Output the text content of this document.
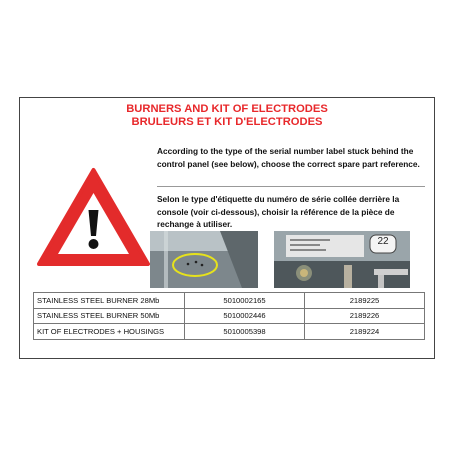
BURNERS AND KIT OF ELECTRODES
BRULEURS ET KIT D'ELECTRODES
According to the type of the serial number label stuck behind the control panel (see below), choose the correct spare part reference.
Selon le type d'étiquette du numéro de série collée derrière la console (voir ci-dessous), choisir la référence de la pièce de rechange à utiliser.
22
STAINLESS STEEL BURNER 28Mb	5010002165	2189225
STAINLESS STEEL BURNER 50Mb	5010002446	2189226
KIT OF ELECTRODES + HOUSINGS	5010005398	2189224
